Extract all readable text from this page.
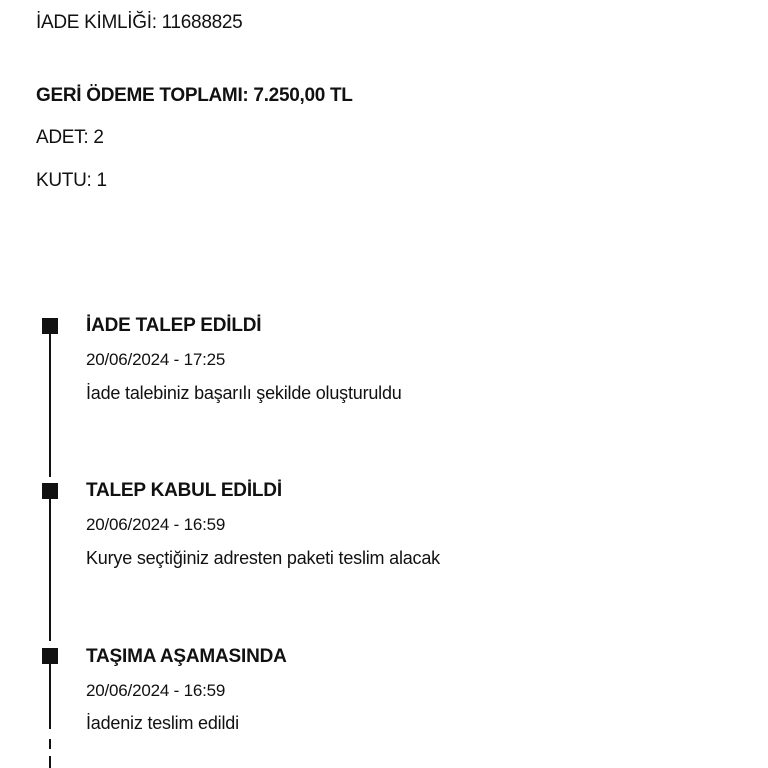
İADE KİMLİĞİ: 11688825
GERİ ÖDEME TOPLAMI: 7.250,00 TL
ADET: 2
KUTU: 1
İADE TALEP EDİLDİ
20/06/2024 - 17:25
İade talebiniz başarılı şekilde oluşturuldu
TALEP KABUL EDİLDİ
20/06/2024 - 16:59
Kurye seçtiğiniz adresten paketi teslim alacak
TAŞIMA AŞAMASINDA
20/06/2024 - 16:59
İadeniz teslim edildi
